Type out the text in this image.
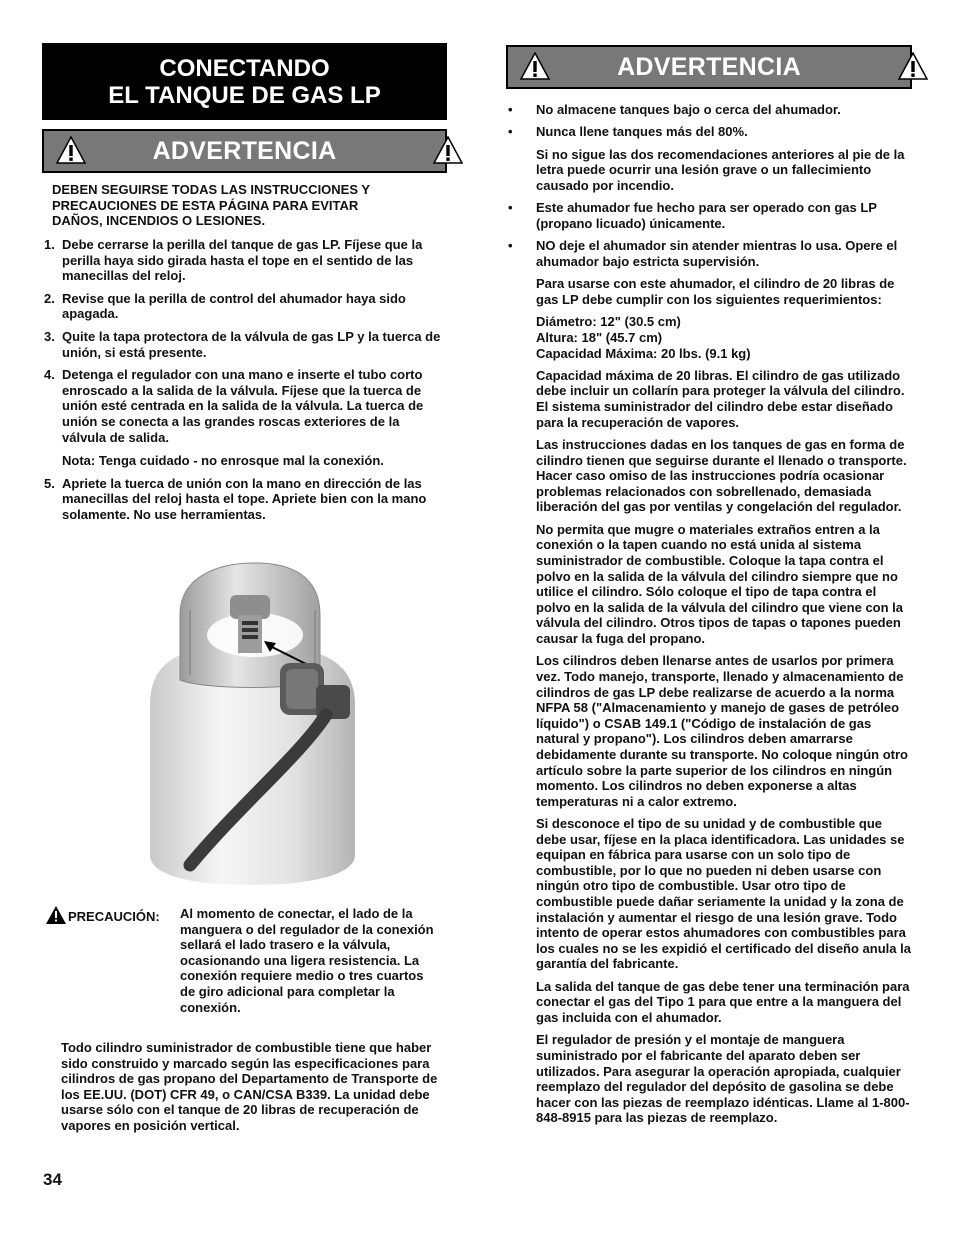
CONECTANDO
EL TANQUE DE GAS LP
ADVERTENCIA
DEBEN SEGUIRSE TODAS LAS INSTRUCCIONES Y PRECAUCIONES DE ESTA PÁGINA PARA EVITAR DAÑOS, INCENDIOS O LESIONES.
1. Debe cerrarse la perilla del tanque de gas LP. Fíjese que la perilla haya sido girada hasta el tope en el sentido de las manecillas del reloj.
2. Revise que la perilla de control del ahumador haya sido apagada.
3. Quite la tapa protectora de la válvula de gas LP y la tuerca de unión, si está presente.
4. Detenga el regulador con una mano e inserte el tubo corto enroscado a la salida de la válvula. Fíjese que la tuerca de unión esté centrada en la salida de la válvula. La tuerca de unión se conecta a las grandes roscas exteriores de la válvula de salida.
Nota: Tenga cuidado - no enrosque mal la conexión.
5. Apriete la tuerca de unión con la mano en dirección de las manecillas del reloj hasta el tope. Apriete bien con la mano solamente. No use herramientas.
PRECAUCIÓN: Al momento de conectar, el lado de la manguera o del regulador de la conexión sellará el lado trasero e la válvula, ocasionando una ligera resistencia. La conexión requiere medio o tres cuartos de giro adicional para completar la conexión.
Todo cilindro suministrador de combustible tiene que haber sido construido y marcado según las especificaciones para cilindros de gas propano del Departamento de Transporte de los EE.UU. (DOT) CFR 49, o CAN/CSA B339. La unidad debe usarse sólo con el tanque de 20 libras de recuperación de vapores en posición vertical.
34
ADVERTENCIA
• No almacene tanques bajo o cerca del ahumador.
• Nunca llene tanques más del 80%.
Si no sigue las dos recomendaciones anteriores al pie de la letra puede ocurrir una lesión grave o un fallecimiento causado por incendio.
• Este ahumador fue hecho para ser operado con gas LP (propano licuado) únicamente.
• NO deje el ahumador sin atender mientras lo usa. Opere el ahumador bajo estricta supervisión.
Para usarse con este ahumador, el cilindro de 20 libras de gas LP debe cumplir con los siguientes requerimientos:
Diámetro: 12" (30.5 cm)
Altura: 18" (45.7 cm)
Capacidad Máxima: 20 lbs. (9.1 kg)
Capacidad máxima de 20 libras. El cilindro de gas utilizado debe incluir un collarín para proteger la válvula del cilindro. El sistema suministrador del cilindro debe estar diseñado para la recuperación de vapores.
Las instrucciones dadas en los tanques de gas en forma de cilindro tienen que seguirse durante el llenado o transporte. Hacer caso omiso de las instrucciones podría ocasionar problemas relacionados con sobrellenado, demasiada liberación del gas por ventilas y congelación del regulador.
No permita que mugre o materiales extraños entren a la conexión o la tapen cuando no está unida al sistema suministrador de combustible. Coloque la tapa contra el polvo en la salida de la válvula del cilindro siempre que no utilice el cilindro. Sólo coloque el tipo de tapa contra el polvo en la salida de la válvula del cilindro que viene con la válvula del cilindro. Otros tipos de tapas o tapones pueden causar la fuga del propano.
Los cilindros deben llenarse antes de usarlos por primera vez. Todo manejo, transporte, llenado y almacenamiento de cilindros de gas LP debe realizarse de acuerdo a la norma NFPA 58 ("Almacenamiento y manejo de gases de petróleo líquido") o CSAB 149.1 ("Código de instalación de gas natural y propano"). Los cilindros deben amarrarse debidamente durante su transporte. No coloque ningún otro artículo sobre la parte superior de los cilindros en ningún momento. Los cilindros no deben exponerse a altas temperaturas ni a calor extremo.
Si desconoce el tipo de su unidad y de combustible que debe usar, fíjese en la placa identificadora. Las unidades se equipan en fábrica para usarse con un solo tipo de combustible, por lo que no pueden ni deben usarse con ningún otro tipo de combustible. Usar otro tipo de combustible puede dañar seriamente la unidad y la zona de instalación y aumentar el riesgo de una lesión grave. Todo intento de operar estos ahumadores con combustibles para los cuales no se les expidió el certificado del diseño anula la garantía del fabricante.
La salida del tanque de gas debe tener una terminación para conectar el gas del Tipo 1 para que entre a la manguera del gas incluida con el ahumador.
El regulador de presión y el montaje de manguera suministrado por el fabricante del aparato deben ser utilizados. Para asegurar la operación apropiada, cualquier reemplazo del regulador del depósito de gasolina se debe hacer con las piezas de reemplazo idénticas. Llame al 1-800-848-8915 para las piezas de reemplazo.
